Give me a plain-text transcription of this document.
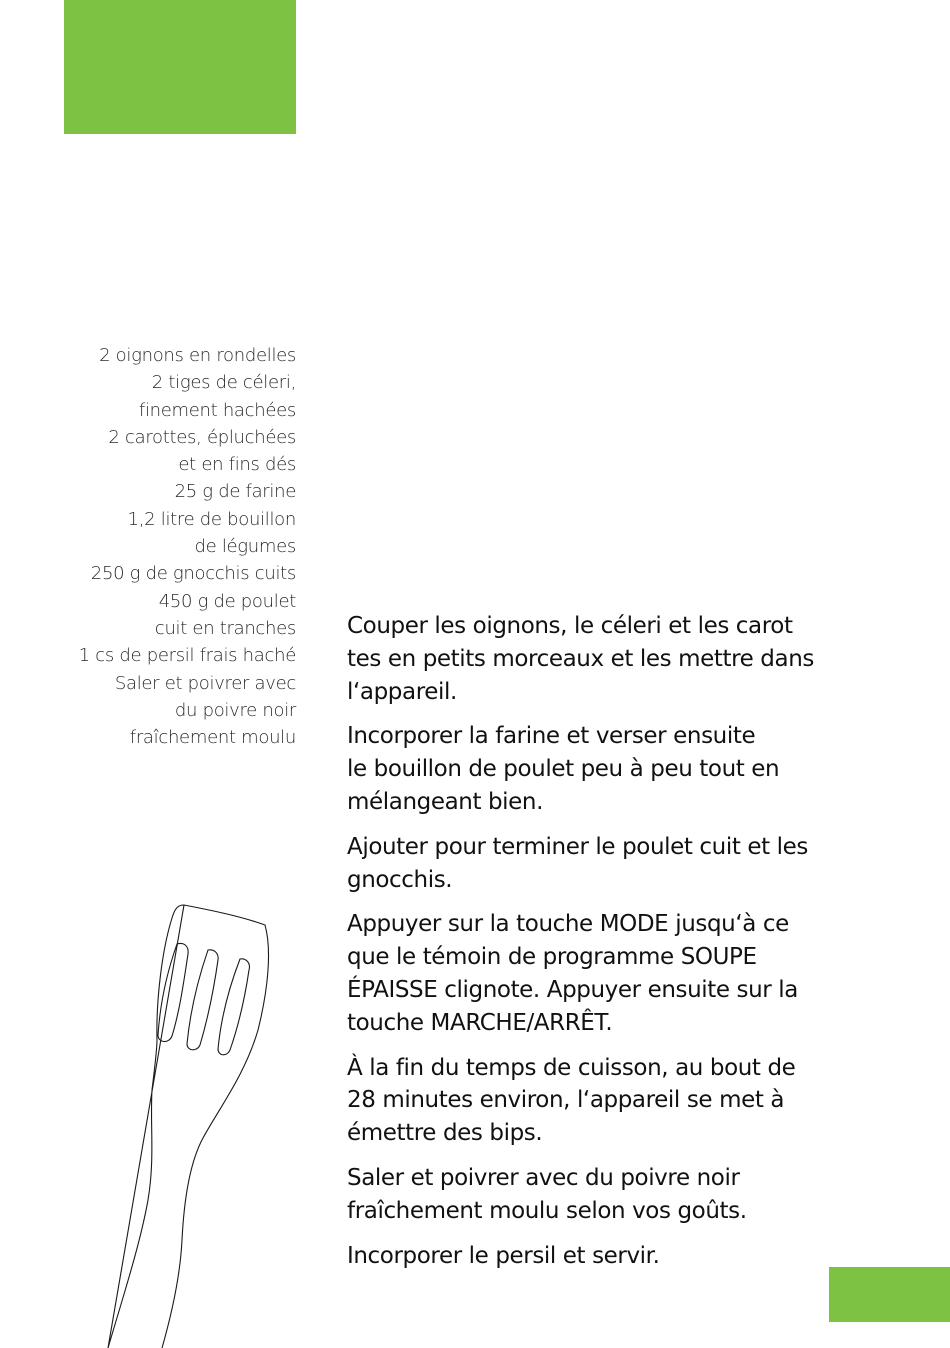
2 oignons en rondelles
2 tiges de céleri,
finement hachées
2 carottes, épluchées
et en fins dés
25 g de farine
1,2 litre de bouillon
de légumes
250 g de gnocchis cuits
450 g de poulet
cuit en tranches
1 cs de persil frais haché
Saler et poivrer avec
du poivre noir
fraîchement moulu

Couper les oignons, le céleri et les carot
tes en petits morceaux et les mettre dans
l‘appareil.

Incorporer la farine et verser ensuite
le bouillon de poulet peu à peu tout en
mélangeant bien.

Ajouter pour terminer le poulet cuit et les
gnocchis.

Appuyer sur la touche MODE jusqu‘à ce
que le témoin de programme SOUPE
ÉPAISSE clignote. Appuyer ensuite sur la
touche MARCHE/ARRÊT.

À la fin du temps de cuisson, au bout de
28 minutes environ, l‘appareil se met à
émettre des bips.

Saler et poivrer avec du poivre noir
fraîchement moulu selon vos goûts.

Incorporer le persil et servir.
